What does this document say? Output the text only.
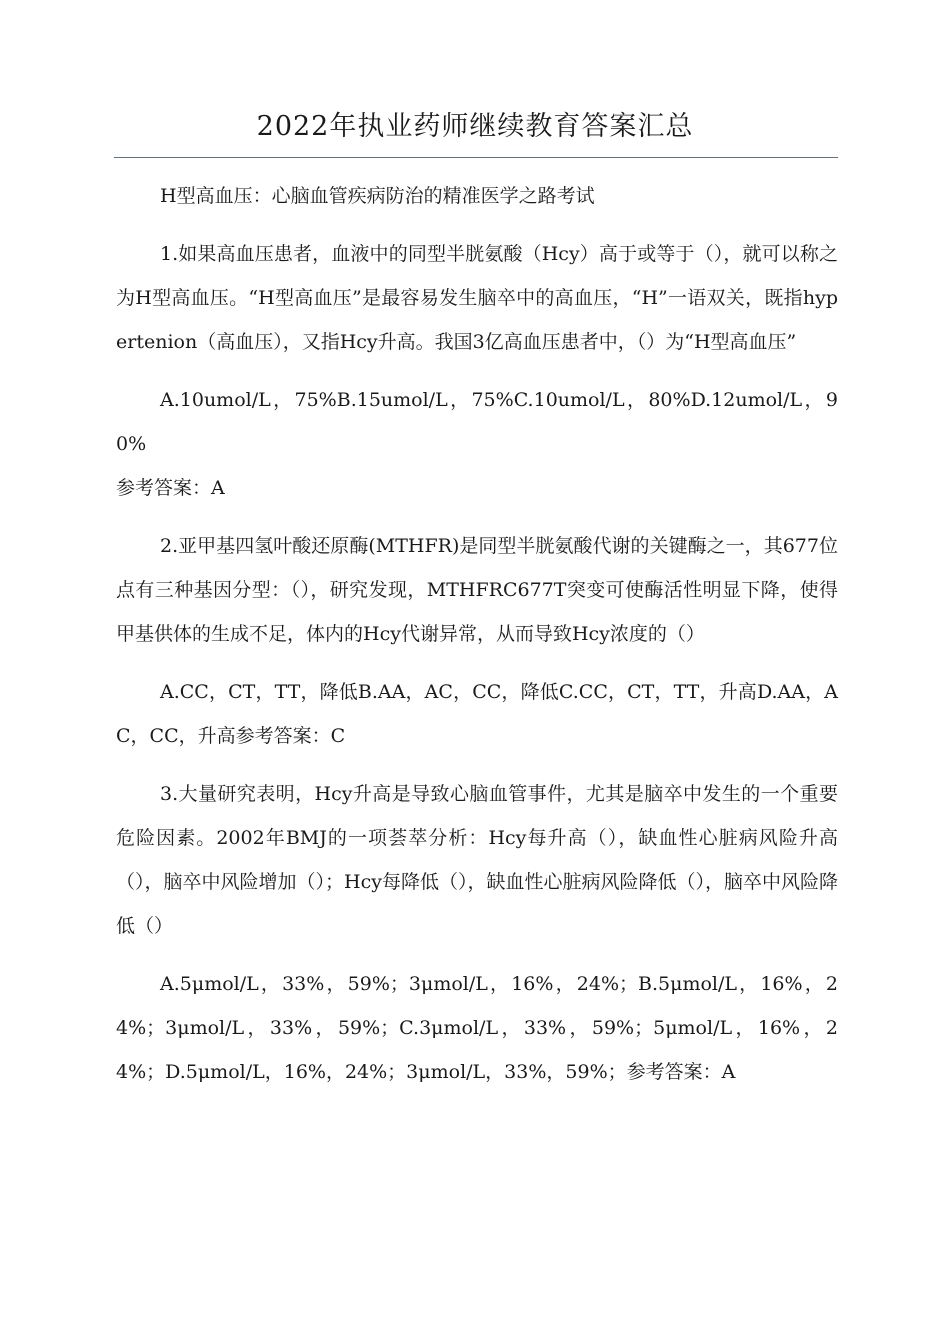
2022年执业药师继续教育答案汇总

H型高血压：心脑血管疾病防治的精准医学之路考试

1.如果高血压患者，血液中的同型半胱氨酸（Hcy）高于或等于（），就可以称之为H型高血压。“H型高血压”是最容易发生脑卒中的高血压，“H”一语双关，既指hypertenion（高血压），又指Hcy升高。我国3亿高血压患者中，（）为“H型高血压”

A.10umol/L，75%B.15umol/L，75%C.10umol/L，80%D.12umol/L，90%

参考答案：A

2.亚甲基四氢叶酸还原酶(MTHFR)是同型半胱氨酸代谢的关键酶之一，其677位点有三种基因分型：（），研究发现，MTHFRC677T突变可使酶活性明显下降，使得甲基供体的生成不足，体内的Hcy代谢异常，从而导致Hcy浓度的（）

A.CC，CT，TT，降低B.AA，AC，CC，降低C.CC，CT，TT，升高D.AA，AC，CC，升高参考答案：C

3.大量研究表明，Hcy升高是导致心脑血管事件，尤其是脑卒中发生的一个重要危险因素。2002年BMJ的一项荟萃分析：Hcy每升高（），缺血性心脏病风险升高（），脑卒中风险增加（）；Hcy每降低（），缺血性心脏病风险降低（），脑卒中风险降低（）

A.5μmol/L，33%，59%；3μmol/L，16%，24%；B.5μmol/L，16%，24%；3μmol/L，33%，59%；C.3μmol/L，33%，59%；5μmol/L，16%，24%；D.5μmol/L，16%，24%；3μmol/L，33%，59%；参考答案：A
